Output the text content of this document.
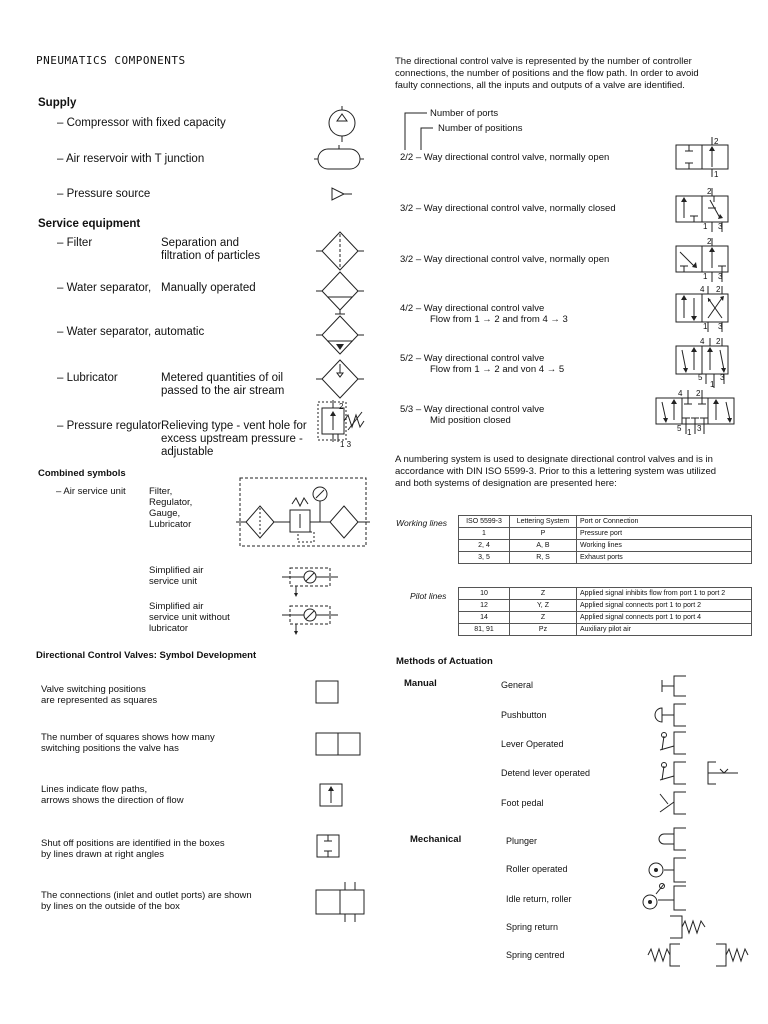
PNEUMATICS COMPONENTS
Supply
– Compressor with fixed capacity
– Air reservoir with T junction
– Pressure source
Service equipment
– Filter	Separation and
filtration of particles
– Water separator, Manually operated
– Water separator, automatic
– Lubricator	Metered quantities of oil
passed to the air stream
– Pressure regulator Relieving type - vent hole for
excess upstream pressure -
adjustable
2
1 3
Combined symbols
– Air service unit Filter,
Regulator,
Gauge,
Lubricator
Simplified air
service unit
Simplified air
service unit without
lubricator
Directional Control Valves: Symbol Development
Valve switching positions
are represented as squares
The number of squares shows how many
switching positions the valve has
Lines indicate flow paths,
arrows shows the direction of flow
Shut off positions are identified in the boxes
by lines drawn at right angles
The connections (inlet and outlet ports) are shown
by lines on the outside of the box
The directional control valve is represented by the number of controller
connections, the number of positions and the flow path. In order to avoid
faulty connections, all the inputs and outputs of a valve are identified.
Number of ports
Number of positions
2/2 – Way directional control valve, normally open
2
1
3/2 – Way directional control valve, normally closed
2
1 3
3/2 – Way directional control valve, normally open
2
1 3
4/2 – Way directional control valve
Flow from 1 → 2 and from 4 → 3
4 2
1 3
5/2 – Way directional control valve
Flow from 1 → 2 and von 4 → 5
4 2
5
1
3
5/3 – Way directional control valve
Mid position closed
4 2
5 1 3
A numbering system is used to designate directional control valves and is in
accordance with DIN ISO 5599-3. Prior to this a lettering system was utilized
and both systems of designation are presented here:
Working lines	ISO 5599-3	Lettering System	Port or Connection
1	P	Pressure port
2, 4	A, B	Working lines
3, 5	R, S	Exhaust ports
Pilot lines	10	Z	Applied signal inhibits flow from port 1 to port 2
12	Y, Z	Applied signal connects port 1 to port 2
14	Z	Applied signal connects port 1 to port 4
81, 91	Pz	Auxiliary pilot air
Methods of Actuation
Manual
Mechanical
General
Pushbutton
Lever Operated
Detend lever operated
Foot pedal
Plunger
Roller operated
Idle return, roller
Spring return
Spring centred
